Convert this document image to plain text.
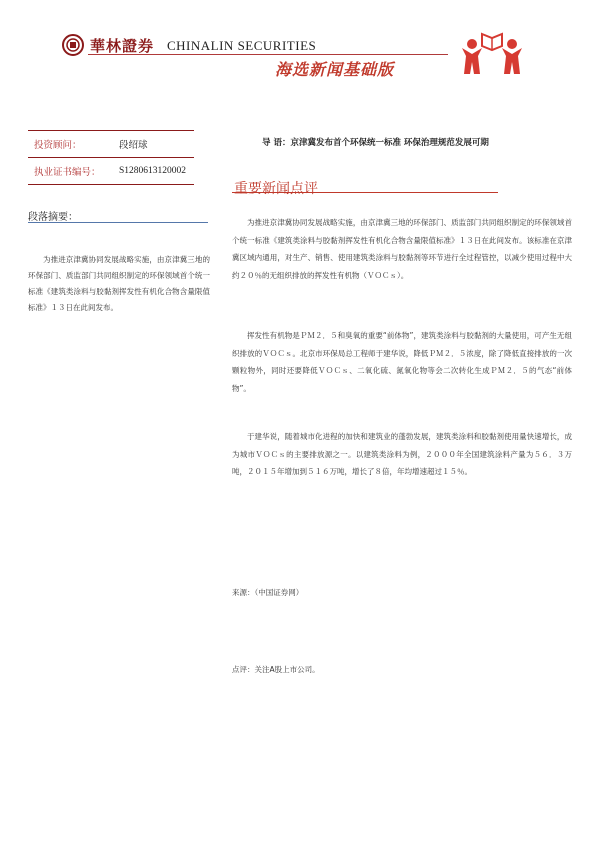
華林證券 CHINALIN SECURITIES
海选新闻基础版
投资顾问：	段绍球
执业证书编号：	S1280613120002
段落摘要：
为推进京津冀协同发展战略实施，由京津冀三地的环保部门、质监部门共同组织制定的环保领域首个统一标准《建筑类涂料与胶黏剂挥发性有机化合物含量限值标准》１３日在此间发布。
导 语：京津冀发布首个环保统一标准 环保治理规范发展可期
重要新闻点评

为推进京津冀协同发展战略实施，由京津冀三地的环保部门、质监部门共同组织制定的环保领域首个统一标准《建筑类涂料与胶黏剂挥发性有机化合物含量限值标准》１３日在此间发布。该标准在京津冀区域内通用，对生产、销售、使用建筑类涂料与胶黏剂等环节进行全过程管控，以减少使用过程中大约２０％的无组织排放的挥发性有机物（ＶＯＣｓ）。

挥发性有机物是ＰＭ２．５和臭氧的重要“前体物”，建筑类涂料与胶黏剂的大量使用，可产生无组织排放的ＶＯＣｓ。北京市环保局总工程师于建华说，降低ＰＭ２．５浓度，除了降低直接排放的一次颗粒物外，同时还要降低ＶＯＣｓ、二氧化硫、氮氧化物等会二次转化生成ＰＭ２．５的气态“前体物”。

于建华说，随着城市化进程的加快和建筑业的蓬勃发展，建筑类涂料和胶黏剂使用量快速增长，成为城市ＶＯＣｓ的主要排放源之一。以建筑类涂料为例，２０００年全国建筑涂料产量为５６．３万吨，２０１５年增加到５１６万吨，增长了８倍，年均增速超过１５％。

来源：（中国证券网）
点评：关注A股上市公司。
